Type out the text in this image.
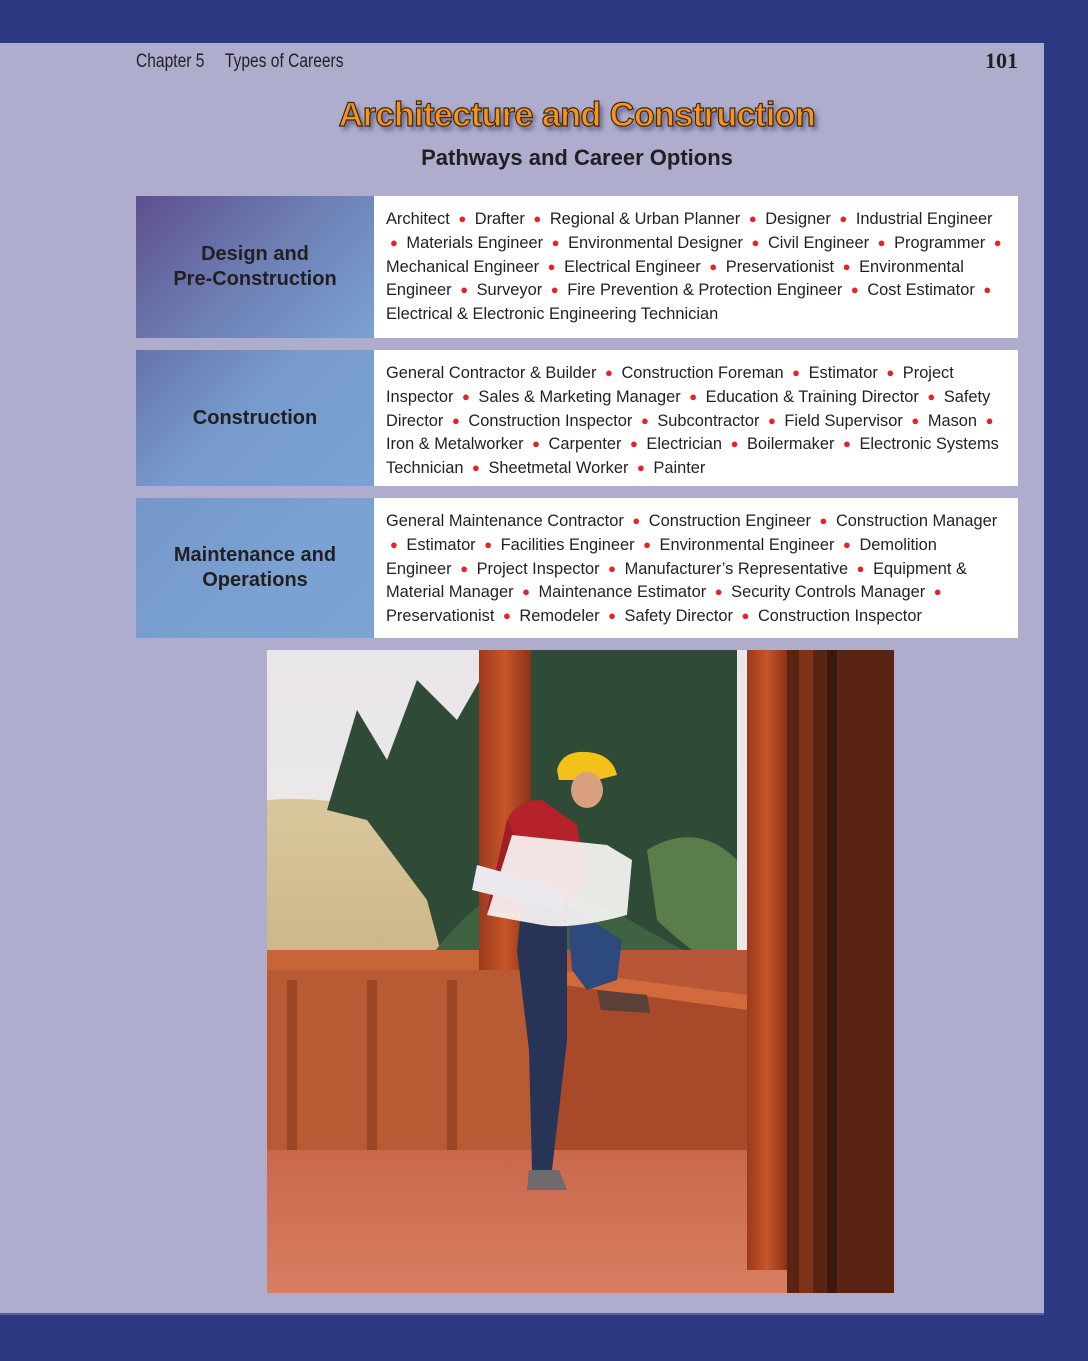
Chapter 5 Types of Careers	101
Architecture and Construction
Pathways and Career Options
Design and
Pre-Construction
Architect ● Drafter ● Regional & Urban Planner ● Designer ● Industrial Engineer ● Materials Engineer ● Environmental Designer ● Civil Engineer ● Programmer ● Mechanical Engineer ● Electrical Engineer ● Preservationist ● Environmental Engineer ● Surveyor ● Fire Prevention & Protection Engineer ● Cost Estimator ● Electrical & Electronic Engineering Technician
Construction
General Contractor & Builder ● Construction Foreman ● Estimator ● Project Inspector ● Sales & Marketing Manager ● Education & Training Director ● Safety Director ● Construction Inspector ● Subcontractor ● Field Supervisor ● Mason ● Iron & Metalworker ● Carpenter ● Electrician ● Boilermaker ● Electronic Systems Technician ● Sheetmetal Worker ● Painter
Maintenance and
Operations
General Maintenance Contractor ● Construction Engineer ● Construction Manager ● Estimator ● Facilities Engineer ● Environmental Engineer ● Demolition Engineer ● Project Inspector ● Manufacturer’s Representative ● Equipment & Material Manager ● Maintenance Estimator ● Security Controls Manager ● Preservationist ● Remodeler ● Safety Director ● Construction Inspector
